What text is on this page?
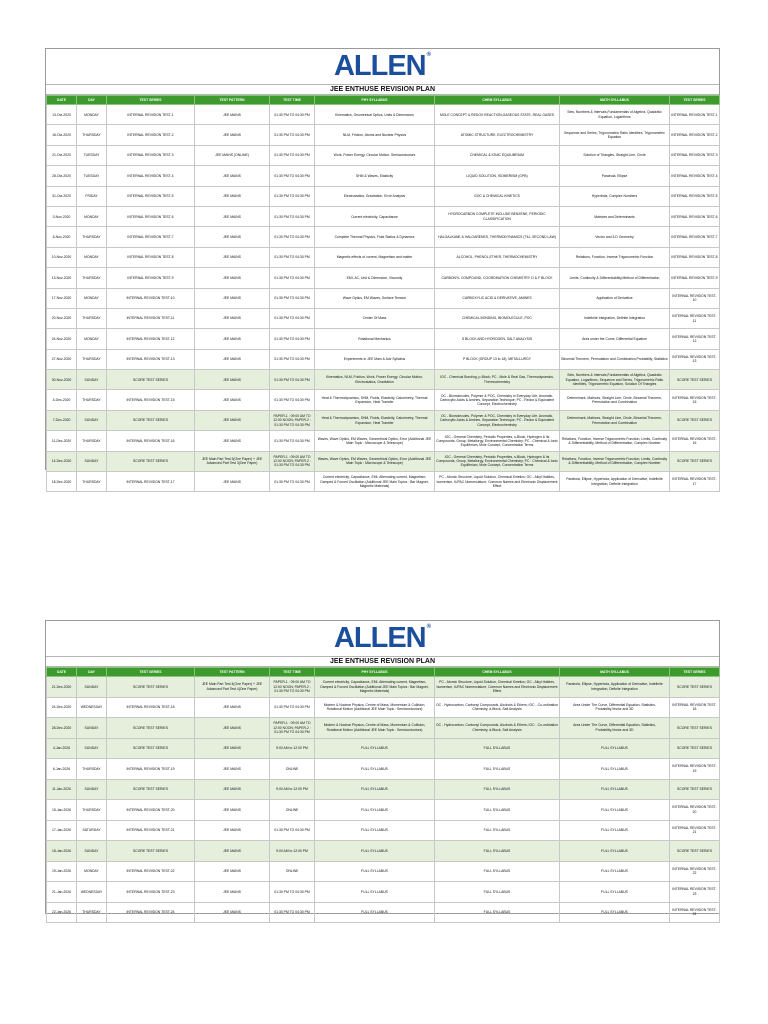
ALLEN®
JEE ENTHUSE REVISION PLAN
DATE	DAY	TEST SERIES	TEST PATTERN	TEST TIME	PHY SYLLABUS	CHEM SYLLABUS	MATH SYLLABUS	TEST SERIES
13-Oct-2020	MONDAY	INTERNAL REVISION TEST-1	JEE MAINS	01:30 PM TO 04:30 PM	Kinematics, Geometrical Optics, Units & Dimensions	MOLE CONCEPT & REDOX REACTION,GASEOUS STATE, REAL GASES	Sets, Numbers & Intervals,Fundamentals of Algebra, Quadratic Equation, Logarithms	INTERNAL REVISION TEST-1
16-Oct-2020	THURSDAY	INTERNAL REVISION TEST-2	JEE MAINS	01:30 PM TO 04:30 PM	NLM, Friction, Atoms and Nuclear Physics	ATOMIC STRUCTURE, ELECTROCHEMISTRY	Sequence and Series, Trigonometric Ratio Identities, Trigonometric Equation	INTERNAL REVISION TEST-2
21-Oct-2020	TUESDAY	INTERNAL REVISION TEST-3	JEE MAINS (ONLINE)	01:30 PM TO 04:30 PM	Work, Power Energy, Circular Motion, Semiconductors	CHEMICAL & IONIC EQUILIBRIUM	Solution of Triangles, Straight Line, Circle	INTERNAL REVISION TEST-3
28-Oct-2020	TUESDAY	INTERNAL REVISION TEST-4	JEE MAINS	01:30 PM TO 04:30 PM	SHM & Waves, Elasticity	LIQUID SOLUTION, ISOMERISM (GPB)	Parabola, Ellipse	INTERNAL REVISION TEST-4
31-Oct-2020	FRIDAY	INTERNAL REVISION TEST-5	JEE MAINS	01:30 PM TO 04:30 PM	Electrostatics, Gravitation, Error Analysis	GOC & CHEMICAL KINETICS	Hyperbola, Complex Numbers	INTERNAL REVISION TEST-5
3-Nov-2020	MONDAY	INTERNAL REVISION TEST-6	JEE MAINS	01:30 PM TO 04:30 PM	Current electricity, Capacitance	HYDROCARBON COMPLETE INCLUDE BENZENE, PERIODIC CLASSIFICATION	Matrices and Determinants	INTERNAL REVISION TEST-6
6-Nov-2020	THURSDAY	INTERNAL REVISION TEST-7	JEE MAINS	01:30 PM TO 04:30 PM	Complete Thermal Physics, Fluid Statics & Dynamics	HALOALKANE & HALOARENES, THERMODYNAMICS (TILL SECOND LAW)	Vector and 3-D Geometry	INTERNAL REVISION TEST-7
10-Nov-2020	MONDAY	INTERNAL REVISION TEST-8	JEE MAINS	01:30 PM TO 04:30 PM	Magnetic effects of current, Magnetism and matter	ALCOHOL, PHENOL,ETHER, THERMOCHEMISTRY	Relations, Function, Inverse Trigonometric Function	INTERNAL REVISION TEST-8
13-Nov-2020	THURSDAY	INTERNAL REVISION TEST-9	JEE MAINS	01:30 PM TO 04:30 PM	EMI, AC, Unit & Dimension, Viscosity	CARBONYL COMPOUND, COORDINATION CHEMISTRY, D & F BLOCK	Limits, Continuity & Differentiability,Method of Differentiation	INTERNAL REVISION TEST-9
17-Nov-2020	MONDAY	INTERNAL REVISION TEST-10	JEE MAINS	01:30 PM TO 04:30 PM	Wave Optics, EM Waves, Surface Tension	CARBOXYLIC ACID & DERIVATIVE, AMINES	Application of Derivative	INTERNAL REVISION TEST-10
20-Nov-2020	THURSDAY	INTERNAL REVISION TEST-11	JEE MAINS	01:30 PM TO 04:30 PM	Center Of Mass	CHEMICAL BONDING, BIOMOLECULE, POC	Indefinite Integration, Definite Integration	INTERNAL REVISION TEST-11
24-Nov-2020	MONDAY	INTERNAL REVISION TEST-12	JEE MAINS	01:30 PM TO 04:30 PM	Rotational Mechanics	S BLOCK AND HYDROGEN, SALT ANALYSIS	Area under the Curve, Differential Equation	INTERNAL REVISION TEST-12
27-Nov-2020	THURSDAY	INTERNAL REVISION TEST-13	JEE MAINS	01:30 PM TO 04:30 PM	Experiments in JEE Main & Adv Syllabus	P BLOCK (GROUP 13 to 18), METALLURGY	Binomial Theorem, Permutation and Combination,Probability, Statistics	INTERNAL REVISION TEST-13
30-Nov-2020	SUNDAY	SCORE TEST SERIES	JEE MAINS	01:30 PM TO 04:30 PM	Kinematics, NLM, Friction, Work, Power Energy, Circular Motion, Electrostatics, Gravitation	IOC - Chemical Bonding, p-Block; PC - Mole & Real Gas, Thermodynamics, Thermochemistry	Sets, Numbers & Intervals,Fundamentals of Algebra, Quadratic Equation, Logarithms, Sequence and Series, Trigonometric Ratio Identities, Trigonometric Equation, Solution Of Triangles	SCORE TEST SERIES
4-Dec-2020	THURSDAY	INTERNAL REVISION TEST-15	JEE MAINS	01:30 PM TO 04:30 PM	Heat & Thermodynamics, SHM, Fluids, Elasticity, Calorimetry, Thermal Expansion, Heat Transfer	OC - Biomolecules, Polymer & POC, Chemistry in Everyday Life, Aromatic, Carboxylic Acids & Amines, Separation Technique; PC - Redox & Equivalent Concept, Electrochemistry	Determinant, Matrices, Straight Line, Circle, Binomial Theorem, Permutation and Combination	INTERNAL REVISION TEST-15
7-Dec-2020	SUNDAY	SCORE TEST SERIES	JEE MAINS	PAPER-1 : 09:00 AM TO 12:00 NOON; PAPER-2 : 01:30 PM TO 04:30 PM	Heat & Thermodynamics, SHM, Fluids, Elasticity, Calorimetry, Thermal Expansion, Heat Transfer	OC - Biomolecules, Polymer & POC, Chemistry in Everyday Life, Aromatic, Carboxylic Acids & Amines, Separation Technique; PC - Redox & Equivalent Concept, Electrochemistry	Determinant, Matrices, Straight Line, Circle, Binomial Theorem, Permutation and Combination	SCORE TEST SERIES
11-Dec-2020	THURSDAY	INTERNAL REVISION TEST-16	JEE MAINS	01:30 PM TO 04:30 PM	Waves, Wave Optics, EM Waves, Geometrical Optics, Error (Additional JEE Main Topic : Microscope & Telescope)	IOC - General Chemistry, Periodic Properties, s-Block, Hydrogen & its Compounds, Group, Metallurgy, Environmental Chemistry; PC - Chemical & Ionic Equilibrium, Mole Concept, Concentration Terms	Relations, Function, Inverse Trigonometric Function, Limits, Continuity & Differentiability, Method of Differentiation, Complex Number	INTERNAL REVISION TEST-16
14-Dec-2020	SUNDAY	SCORE TEST SERIES	JEE Main Part Test 3(One Paper) + JEE Advanced Part Test 3(One Paper)	PAPER-1 : 09:00 AM TO 12:00 NOON; PAPER-2 : 01:30 PM TO 04:30 PM	Waves, Wave Optics, EM Waves, Geometrical Optics, Error (Additional JEE Main Topic : Microscope & Telescope)	IOC - General Chemistry, Periodic Properties, s-Block, Hydrogen & its Compounds, Group, Metallurgy, Environmental Chemistry; PC - Chemical & Ionic Equilibrium, Mole Concept, Concentration Terms	Relations, Function, Inverse Trigonometric Function, Limits, Continuity & Differentiability, Method of Differentiation, Complex Number	SCORE TEST SERIES
18-Dec-2020	THURSDAY	INTERNAL REVISION TEST-17	JEE MAINS	01:30 PM TO 04:30 PM	Current electricity, Capacitance, EMI, Alternating current, Magnetism, Damped & Forced Oscillation (Additional JEE Main Topics : Bar Magnet, Magnetic Materials)	PC - Atomic Structure, Liquid Solution, Chemical Kinetics; OC - Alkyl Halides, Isomerism, IUPAC Nomenclature, Common Names and Electronic Displacement Effect	Parabola, Ellipse, Hyperbola, Application of Derivative, Indefinite Integration, Definite Integration	INTERNAL REVISION TEST-17
ALLEN®
JEE ENTHUSE REVISION PLAN
DATE	DAY	TEST SERIES	TEST PATTERN	TEST TIME	PHY SYLLABUS	CHEM SYLLABUS	MATH SYLLABUS	TEST SERIES
21-Dec-2020	SUNDAY	SCORE TEST SERIES	JEE Main Part Test 4(One Paper) + JEE Advanced Part Test 4(One Paper)	PAPER-1 : 09:00 AM TO 12:00 NOON; PAPER-2 : 01:30 PM TO 04:30 PM	Current electricity, Capacitance, EMI, Alternating current, Magnetism, Damped & Forced Oscillation (Additional JEE Main Topics : Bar Magnet, Magnetic Materials)	PC - Atomic Structure, Liquid Solution, Chemical Kinetics; OC - Alkyl Halides, Isomerism, IUPAC Nomenclature, Common Names and Electronic Displacement Effect	Parabola, Ellipse, Hyperbola, Application of Derivative, Indefinite Integration, Definite Integration	SCORE TEST SERIES
24-Dec-2020	WEDNESDAY	INTERNAL REVISION TEST-18	JEE MAINS	01:30 PM TO 04:30 PM	Modern & Nuclear Physics, Centre of Mass, Momentum & Collision, Rotational Motion (Additional JEE Main Topic : Semiconductors)	OC - Hydrocarbon, Carbonyl Compounds, Alcohols & Ethers; IOC - Co-ordination Chemistry, d-Block, Salt Analysis	Area Under The Curve, Differential Equation, Statistics, Probability,Vector and 3D	INTERNAL REVISION TEST-18
28-Dec-2020	SUNDAY	SCORE TEST SERIES	JEE MAINS	PAPER-1 : 09:00 AM TO 12:00 NOON; PAPER-2 : 01:30 PM TO 04:30 PM	Modern & Nuclear Physics, Centre of Mass, Momentum & Collision, Rotational Motion (Additional JEE Main Topic : Semiconductors)	OC - Hydrocarbon, Carbonyl Compounds, Alcohols & Ethers; IOC - Co-ordination Chemistry, d-Block, Salt Analysis	Area Under The Curve, Differential Equation, Statistics, Probability,Vector and 3D	SCORE TEST SERIES
4-Jan-2026	SUNDAY	SCORE TEST SERIES	JEE MAINS	9:00 AM to 12:00 PM	FULL SYLLABUS	FULL SYLLABUS	FULL SYLLABUS	SCORE TEST SERIES
6-Jan-2026	THURSDAY	INTERNAL REVISION TEST-19	JEE MAINS	ONLINE	FULL SYLLABUS	FULL SYLLABUS	FULL SYLLABUS	INTERNAL REVISION TEST-19
11-Jan-2026	SUNDAY	SCORE TEST SERIES	JEE MAINS	9:00 AM to 12:00 PM	FULL SYLLABUS	FULL SYLLABUS	FULL SYLLABUS	SCORE TEST SERIES
15-Jan-2026	THURSDAY	INTERNAL REVISION TEST-20	JEE MAINS	ONLINE	FULL SYLLABUS	FULL SYLLABUS	FULL SYLLABUS	INTERNAL REVISION TEST-20
17-Jan-2026	SATURDAY	INTERNAL REVISION TEST-21	JEE MAINS	01:30 PM TO 04:30 PM	FULL SYLLABUS	FULL SYLLABUS	FULL SYLLABUS	INTERNAL REVISION TEST-21
18-Jan-2026	SUNDAY	SCORE TEST SERIES	JEE MAINS	9:00 AM to 12:00 PM	FULL SYLLABUS	FULL SYLLABUS	FULL SYLLABUS	SCORE TEST SERIES
19-Jan-2026	MONDAY	INTERNAL REVISION TEST-22	JEE MAINS	ONLINE	FULL SYLLABUS	FULL SYLLABUS	FULL SYLLABUS	INTERNAL REVISION TEST-22
21-Jan-2026	WEDNESDAY	INTERNAL REVISION TEST-23	JEE MAINS	01:30 PM TO 04:30 PM	FULL SYLLABUS	FULL SYLLABUS	FULL SYLLABUS	INTERNAL REVISION TEST-23
22-Jan-2026	THURSDAY	INTERNAL REVISION TEST-24	JEE MAINS	01:30 PM TO 04:30 PM	FULL SYLLABUS	FULL SYLLABUS	FULL SYLLABUS	INTERNAL REVISION TEST-24
